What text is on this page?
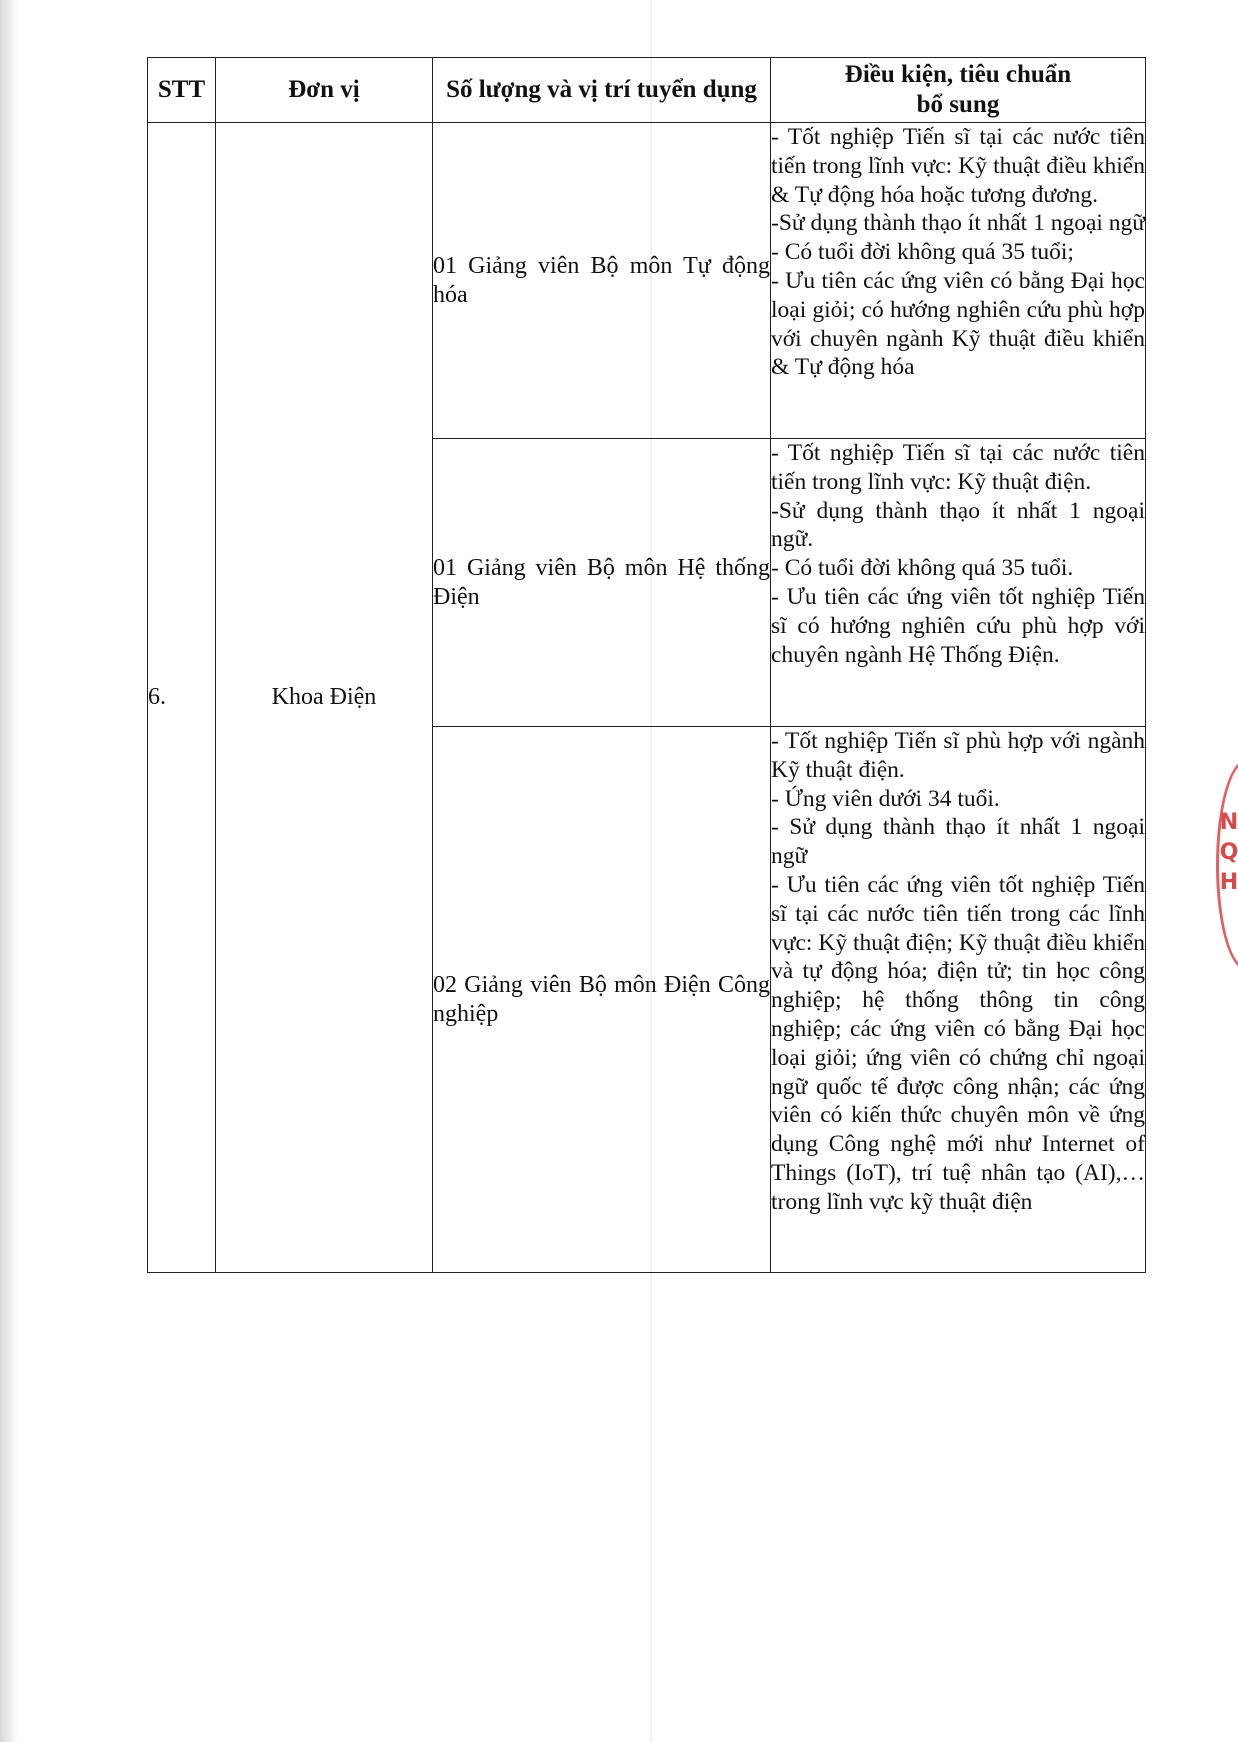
STT	Đơn vị	Số lượng và vị trí tuyển dụng	Điều kiện, tiêu chuẩn
bổ sung

6.	Khoa Điện	01 Giảng viên Bộ môn Tự động hóa	- Tốt nghiệp Tiến sĩ tại các nước tiên tiến trong lĩnh vực: Kỹ thuật điều khiển & Tự động hóa hoặc tương đương.
-Sử dụng thành thạo ít nhất 1 ngoại ngữ
- Có tuổi đời không quá 35 tuổi;
- Ưu tiên các ứng viên có bằng Đại học loại giỏi; có hướng nghiên cứu phù hợp với chuyên ngành Kỹ thuật điều khiển & Tự động hóa

		01 Giảng viên Bộ môn Hệ thống Điện	- Tốt nghiệp Tiến sĩ tại các nước tiên tiến trong lĩnh vực: Kỹ thuật điện.
-Sử dụng thành thạo ít nhất 1 ngoại ngữ.
- Có tuổi đời không quá 35 tuổi.
- Ưu tiên các ứng viên tốt nghiệp Tiến sĩ có hướng nghiên cứu phù hợp với chuyên ngành Hệ Thống Điện.

		02 Giảng viên Bộ môn Điện Công nghiệp	- Tốt nghiệp Tiến sĩ phù hợp với ngành Kỹ thuật điện.
- Ứng viên dưới 34 tuổi.
- Sử dụng thành thạo ít nhất 1 ngoại ngữ
- Ưu tiên các ứng viên tốt nghiệp Tiến sĩ tại các nước tiên tiến trong các lĩnh vực: Kỹ thuật điện; Kỹ thuật điều khiển và tự động hóa; điện tử; tin học công nghiệp; hệ thống thông tin công nghiệp; các ứng viên có bằng Đại học loại giỏi; ứng viên có chứng chỉ ngoại ngữ quốc tế được công nhận; các ứng viên có kiến thức chuyên môn về ứng dụng Công nghệ mới như Internet of Things (IoT), trí tuệ nhân tạo (AI),… trong lĩnh vực kỹ thuật điện
N
Q
H
